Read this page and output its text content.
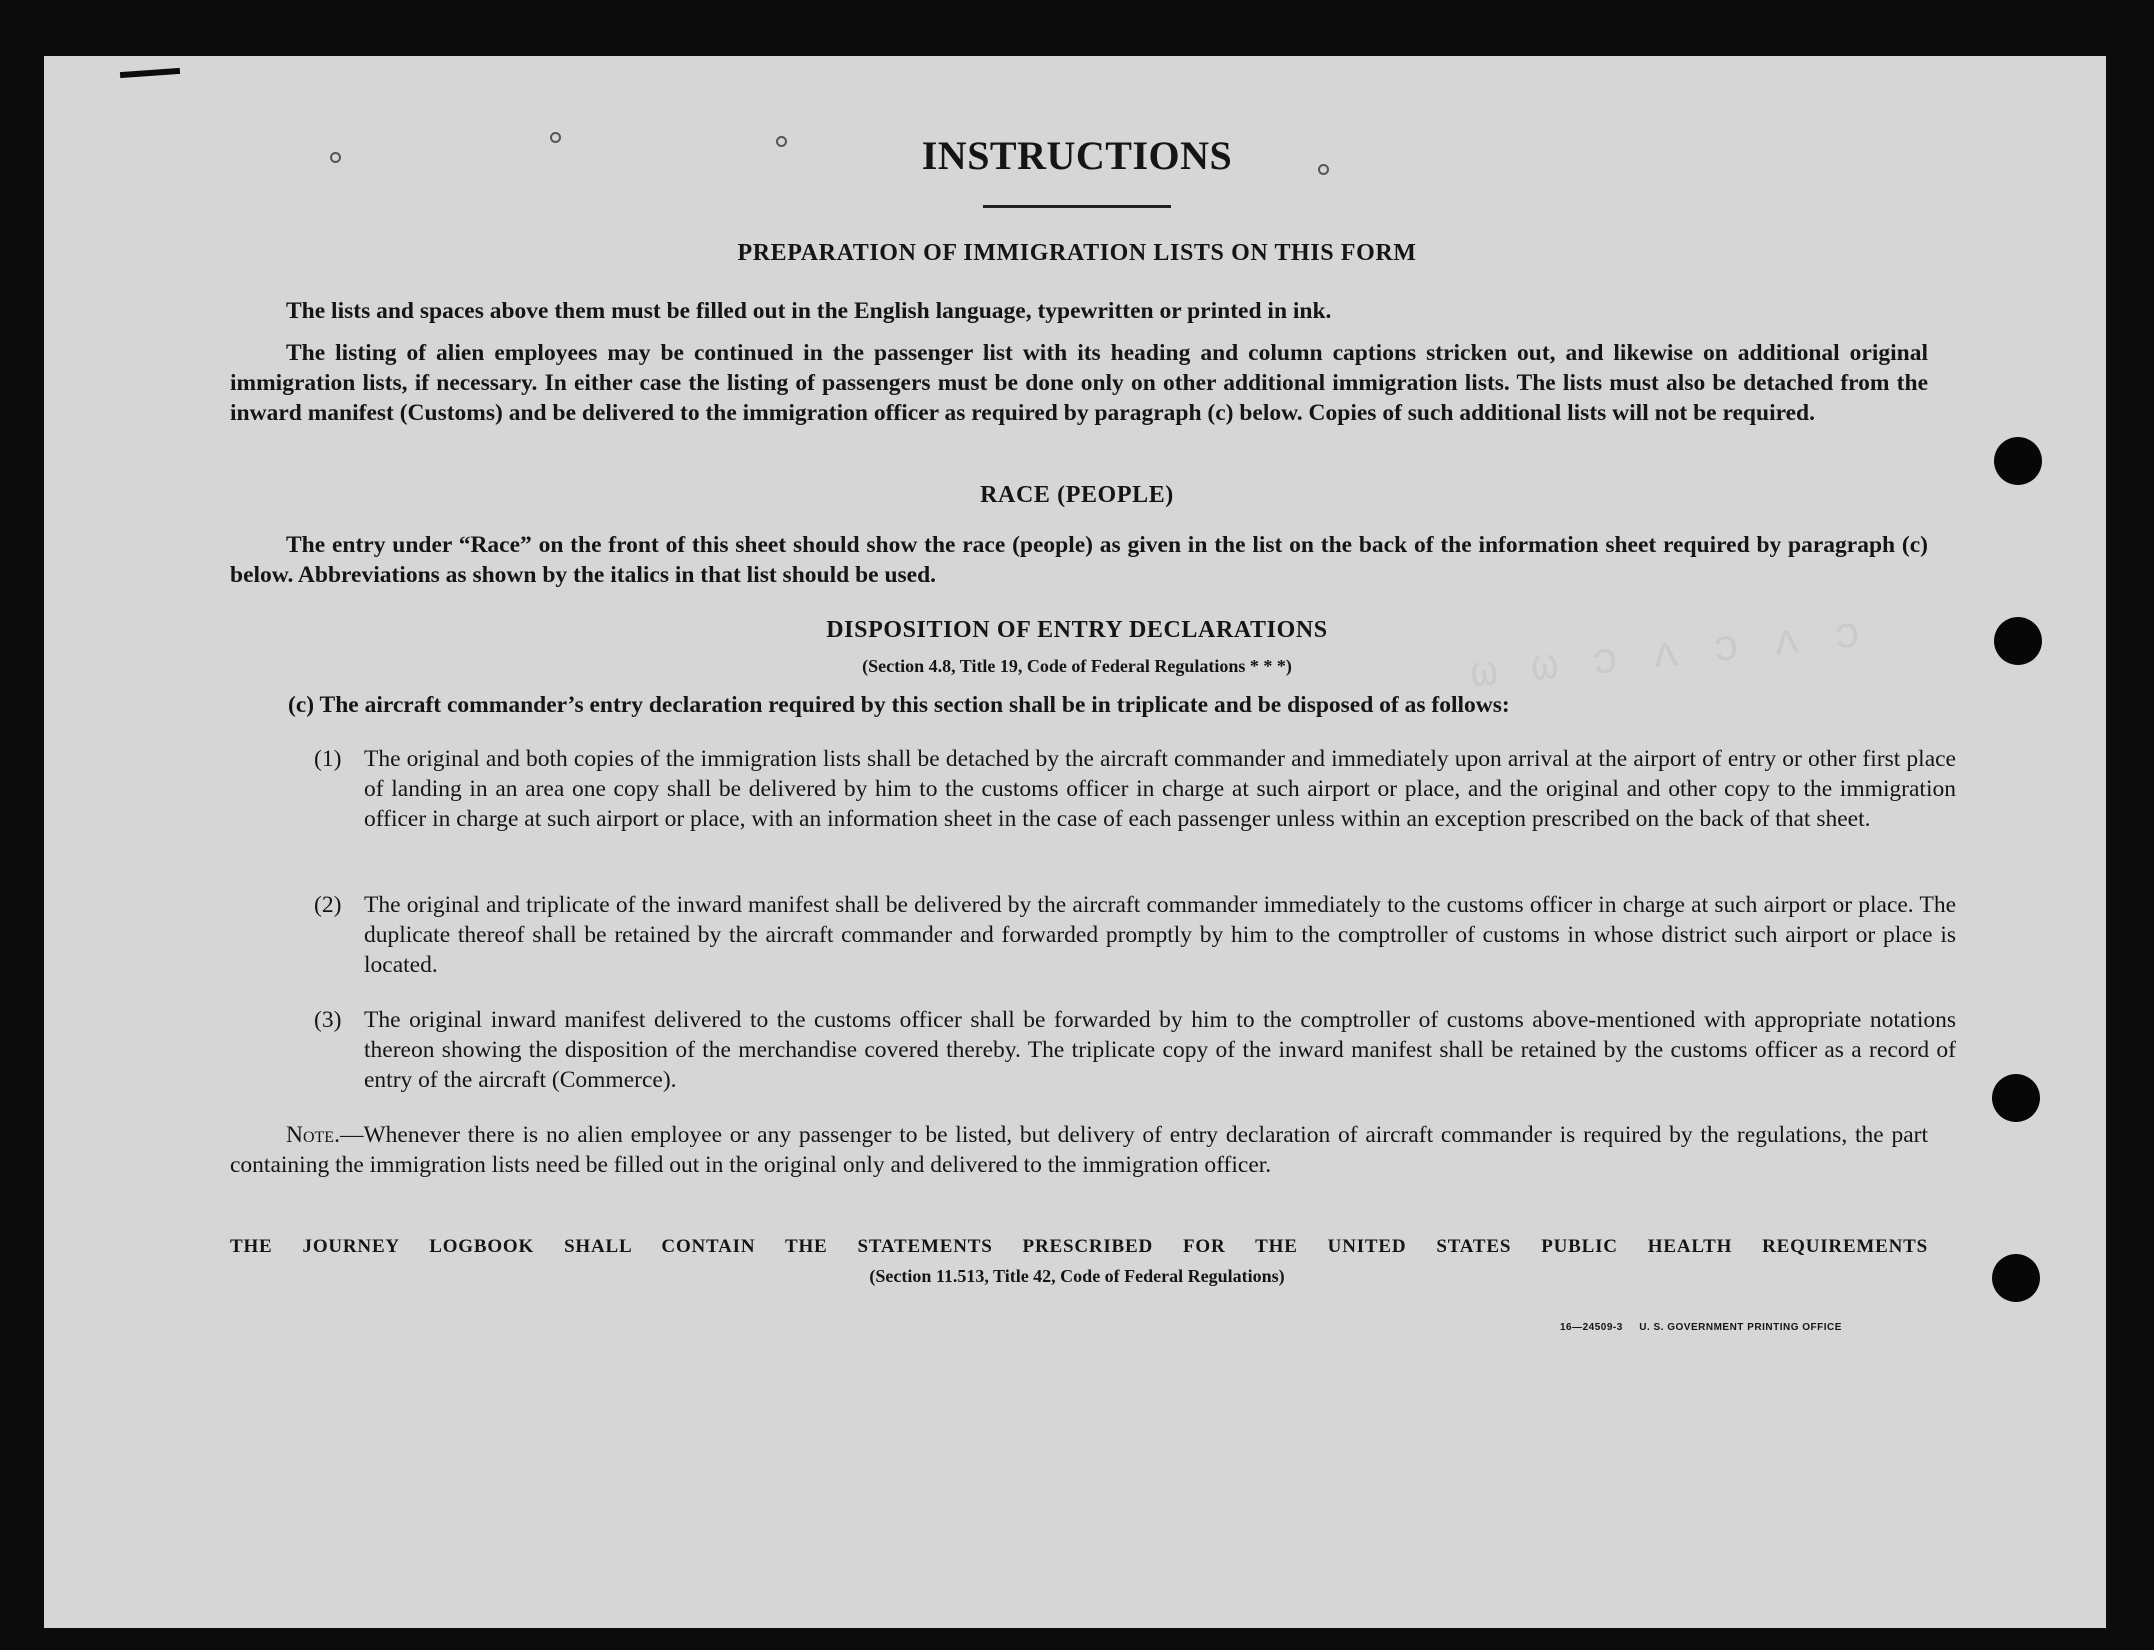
ω ω ɔ ʌ ɔ ʌ ɔ
INSTRUCTIONS
PREPARATION OF IMMIGRATION LISTS ON THIS FORM
The lists and spaces above them must be filled out in the English language, typewritten or printed in ink.
The listing of alien employees may be continued in the passenger list with its heading and column captions stricken out, and likewise on additional original immigration lists, if necessary. In either case the listing of passengers must be done only on other additional immigration lists. The lists must also be detached from the inward manifest (Customs) and be delivered to the immigration officer as required by paragraph (c) below. Copies of such additional lists will not be required.
RACE (PEOPLE)
The entry under “Race” on the front of this sheet should show the race (people) as given in the list on the back of the information sheet required by paragraph (c) below. Abbreviations as shown by the italics in that list should be used.
DISPOSITION OF ENTRY DECLARATIONS
(Section 4.8, Title 19, Code of Federal Regulations * * *)
(c) The aircraft commander’s entry declaration required by this section shall be in triplicate and be disposed of as follows:
(1) The original and both copies of the immigration lists shall be detached by the aircraft commander and immediately upon arrival at the airport of entry or other first place of landing in an area one copy shall be delivered by him to the customs officer in charge at such airport or place, and the original and other copy to the immigration officer in charge at such airport or place, with an information sheet in the case of each passenger unless within an exception prescribed on the back of that sheet.
(2) The original and triplicate of the inward manifest shall be delivered by the aircraft commander immediately to the customs officer in charge at such airport or place. The duplicate thereof shall be retained by the aircraft commander and forwarded promptly by him to the comptroller of customs in whose district such airport or place is located.
(3) The original inward manifest delivered to the customs officer shall be forwarded by him to the comptroller of customs above-mentioned with appropriate notations thereon showing the disposition of the merchandise covered thereby. The triplicate copy of the inward manifest shall be retained by the customs officer as a record of entry of the aircraft (Commerce).
Note.—Whenever there is no alien employee or any passenger to be listed, but delivery of entry declaration of aircraft commander is required by the regulations, the part containing the immigration lists need be filled out in the original only and delivered to the immigration officer.
THE JOURNEY LOGBOOK SHALL CONTAIN THE STATEMENTS PRESCRIBED FOR THE UNITED STATES PUBLIC HEALTH REQUIREMENTS
(Section 11.513, Title 42, Code of Federal Regulations)
16—24509-3 U. S. GOVERNMENT PRINTING OFFICE
